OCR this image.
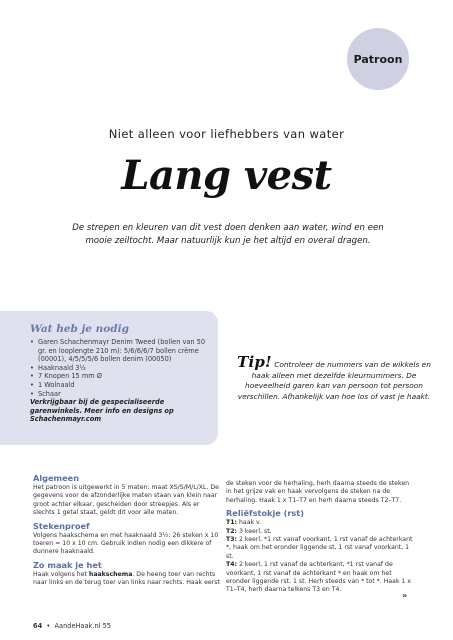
Patroon
Niet alleen voor liefhebbers van water
Lang vest
De strepen en kleuren van dit vest doen denken aan water, wind en een mooie zeiltocht. Maar natuurlijk kun je het altijd en overal dragen.
Wat heb je nodig
• Garen Schachenmayr Denim Tweed (bollen van 50 gr. en looplengte 210 m): 5/6/6/6/7 bollen crème (00001), 4/5/5/5/6 bollen denim (00050)
• Haaknaald 3½
• 7 Knopen 15 mm Ø
• 1 Wolnaald
• Schaar
Verkrijgbaar bij de gespecialiseerde garenwinkels. Meer info en designs op Schachenmayr.com
Tip! Controleer de nummers van de wikkels en haak alleen met dezelfde kleurnummers. De hoeveelheid garen kan van persoon tot persoon verschillen. Afhankelijk van hoe los of vast je haakt.
Algemeen

Het patroon is uitgewerkt in 5 maten: maat XS/S/M/L/XL. De gegevens voor de afzonderlijke maten staan van klein naar groot achter elkaar, gescheiden door streepjes. Als er slechts 1 getal staat, geldt dit voor alle maten.

Stekenproef

Volgens haakschema en met haaknaald 3½: 26 steken x 10 toeren = 10 x 10 cm. Gebruik indien nodig een dikkere of dunnere haaknaald.

Zo maak je het

Haak volgens het haakschema. De heeng toer van rechts naar links en de terug toer van links naar rechts. Haak eerst

de steken voor de herhaling, herh daarna steeds de steken in het grijze vak en haak vervolgens de steken na de herhaling. Haak 1 x T1–T7 en herh daarna steeds T2–T7.

Reliëfstokje (rst)

T1: haak v.

T2: 3 keerl, st.

T3: 2 keerl, *1 rst vanaf voorkant, 1 rst vanaf de achterkant *, haak om het eronder liggende st, 1 rst vanaf voorkant, 1 st.

T4: 2 keerl, 1 rst vanaf de achterkant, *1 rst vanaf de voorkant, 1 rst vanaf de achterkant * en haak om het eronder liggende rst, 1 st. Herh steeds van * tot *. Haak 1 x T1–T4, herh daarna telkens T3 en T4.

»
64 • AandeHaak.nl 55
